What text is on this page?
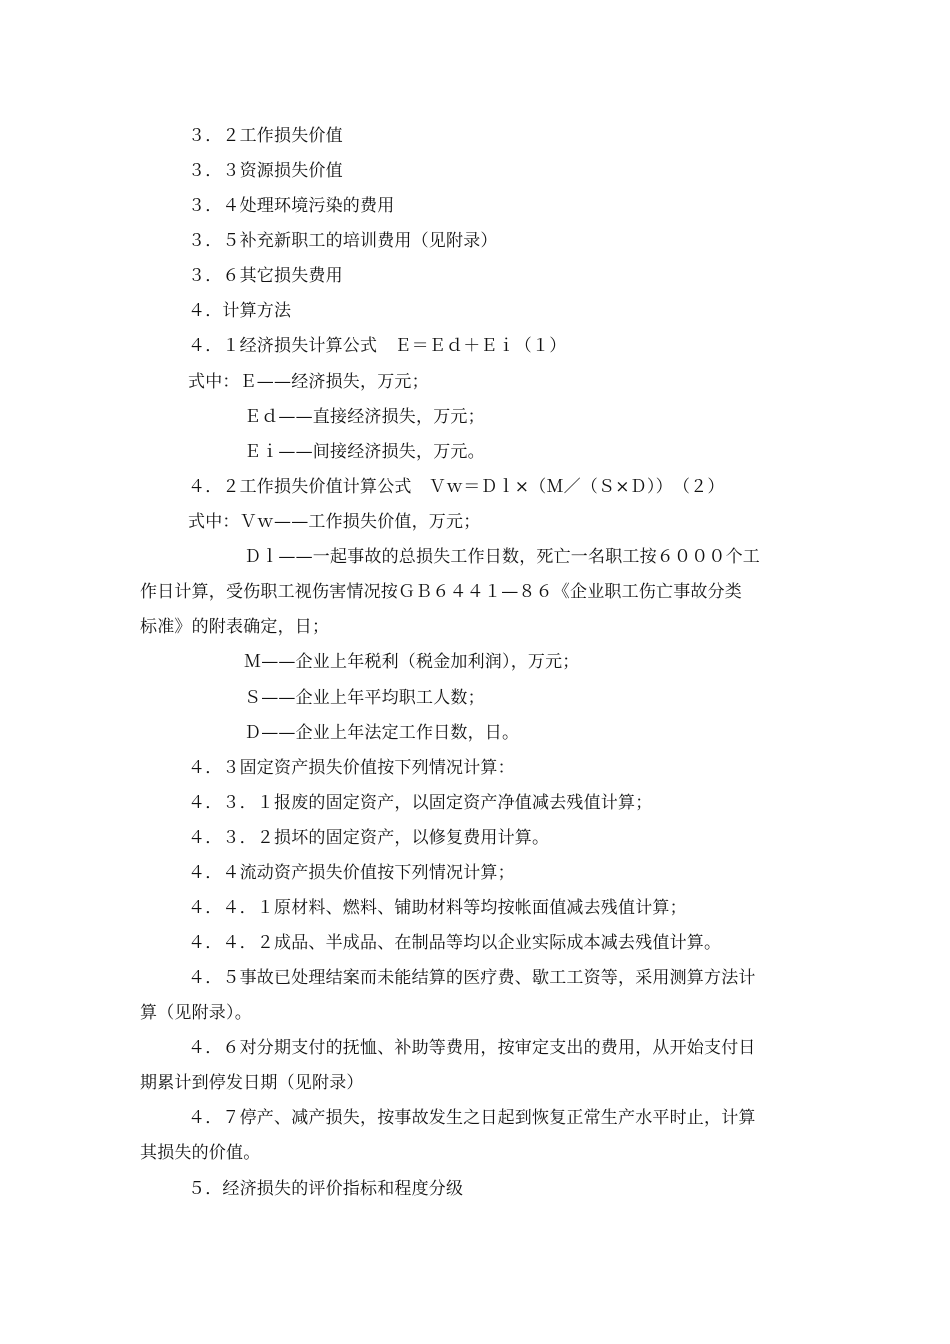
３．２工作损失价值
３．３资源损失价值
３．４处理环境污染的费用
３．５补充新职工的培训费用（见附录）
３．６其它损失费用
４．计算方法
４．１经济损失计算公式　Ｅ＝Ｅｄ＋Ｅｉ（１）
式中：Ｅ——经济损失，万元；
Ｅｄ——直接经济损失，万元；
Ｅｉ——间接经济损失，万元。
４．２工作损失价值计算公式　Ｖｗ＝Ｄｌ×（Ｍ／（Ｓ×Ｄ））　（２）
式中：Ｖｗ——工作损失价值，万元；
Ｄｌ——一起事故的总损失工作日数，死亡一名职工按６０００个工
作日计算，受伤职工视伤害情况按ＧＢ６４４１—８６《企业职工伤亡事故分类
标准》的附表确定，日；
Ｍ——企业上年税利（税金加利润），万元；
Ｓ——企业上年平均职工人数；
Ｄ——企业上年法定工作日数，日。
４．３固定资产损失价值按下列情况计算：
４．３．１报废的固定资产，以固定资产净值减去残值计算；
４．３．２损坏的固定资产，以修复费用计算。
４．４流动资产损失价值按下列情况计算；
４．４．１原材料、燃料、铺助材料等均按帐面值减去残值计算；
４．４．２成品、半成品、在制品等均以企业实际成本减去残值计算。
４．５事故已处理结案而未能结算的医疗费、歇工工资等，采用测算方法计
算（见附录）。
４．６对分期支付的抚恤、补助等费用，按审定支出的费用，从开始支付日
期累计到停发日期（见附录）
４．７停产、减产损失，按事故发生之日起到恢复正常生产水平时止，计算
其损失的价值。
５．经济损失的评价指标和程度分级
